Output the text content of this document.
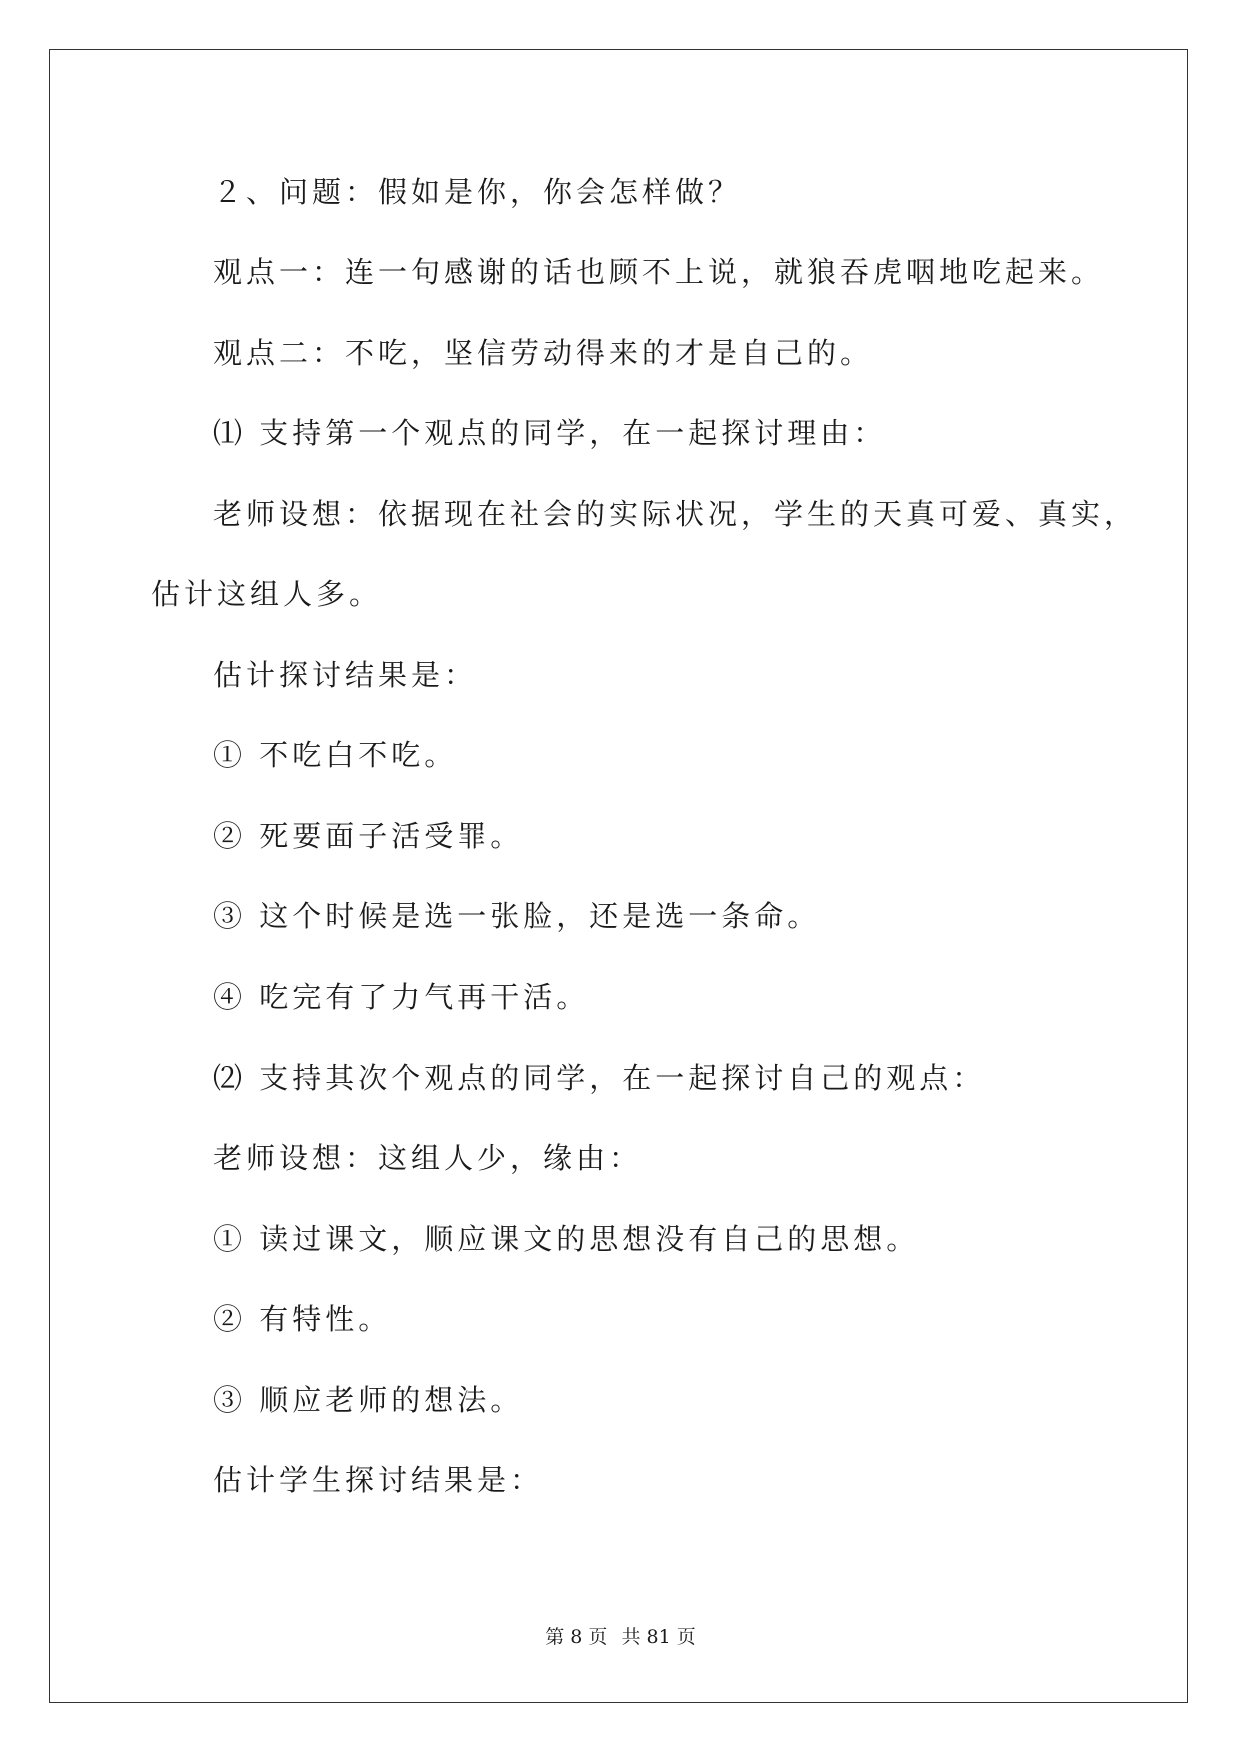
２、问题：假如是你，你会怎样做？
观点一：连一句感谢的话也顾不上说，就狼吞虎咽地吃起来。
观点二：不吃，坚信劳动得来的才是自己的。
⑴ 支持第一个观点的同学，在一起探讨理由：
老师设想：依据现在社会的实际状况，学生的天真可爱、真实，
估计这组人多。
估计探讨结果是：
① 不吃白不吃。
② 死要面子活受罪。
③ 这个时候是选一张脸，还是选一条命。
④ 吃完有了力气再干活。
⑵ 支持其次个观点的同学，在一起探讨自己的观点：
老师设想：这组人少，缘由：
① 读过课文，顺应课文的思想没有自己的思想。
② 有特性。
③ 顺应老师的想法。
估计学生探讨结果是：
第 8 页 共 81 页
